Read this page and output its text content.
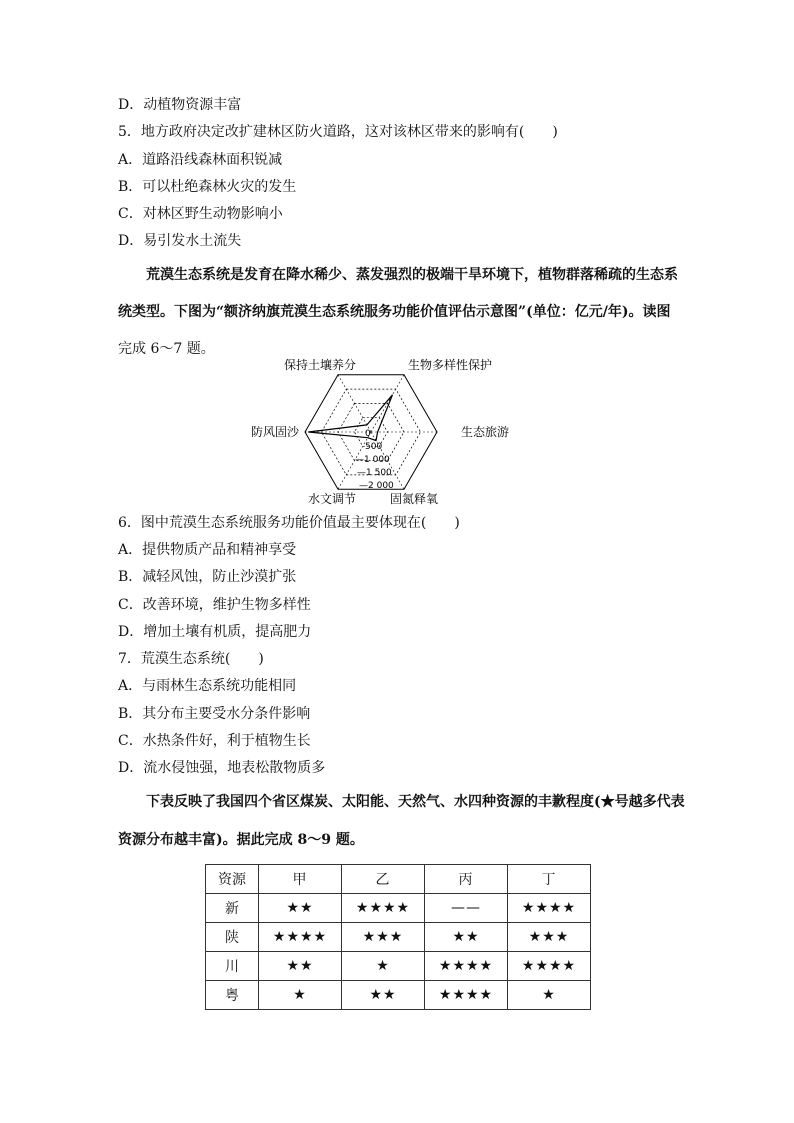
D．动植物资源丰富
5．地方政府决定改扩建林区防火道路，这对该林区带来的影响有(　　)
A．道路沿线森林面积锐减
B．可以杜绝森林火灾的发生
C．对林区野生动物影响小
D．易引发水土流失
荒漠生态系统是发育在降水稀少、蒸发强烈的极端干旱环境下，植物群落稀疏的生态系
统类型。下图为“额济纳旗荒漠生态系统服务功能价值评估示意图”(单位：亿元/年)。读图
完成 6～7 题。
0
500
—1 000
—1 500
—2 000
保持土壤养分	生物多样性保护
生态旅游
固氮释氧
水文调节
防风固沙
6．图中荒漠生态系统服务功能价值最主要体现在(　　)
A．提供物质产品和精神享受
B．减轻风蚀，防止沙漠扩张
C．改善环境，维护生物多样性
D．增加土壤有机质，提高肥力
7．荒漠生态系统(　　)
A．与雨林生态系统功能相同
B．其分布主要受水分条件影响
C．水热条件好，利于植物生长
D．流水侵蚀强，地表松散物质多
下表反映了我国四个省区煤炭、太阳能、天然气、水四种资源的丰歉程度(★号越多代表
资源分布越丰富)。据此完成 8～9 题。
资源	甲	乙	丙	丁
新	★★	★★★★	——	★★★★
陕	★★★★	★★★	★★	★★★
川	★★	★	★★★★	★★★★
粤	★	★★	★★★★	★
